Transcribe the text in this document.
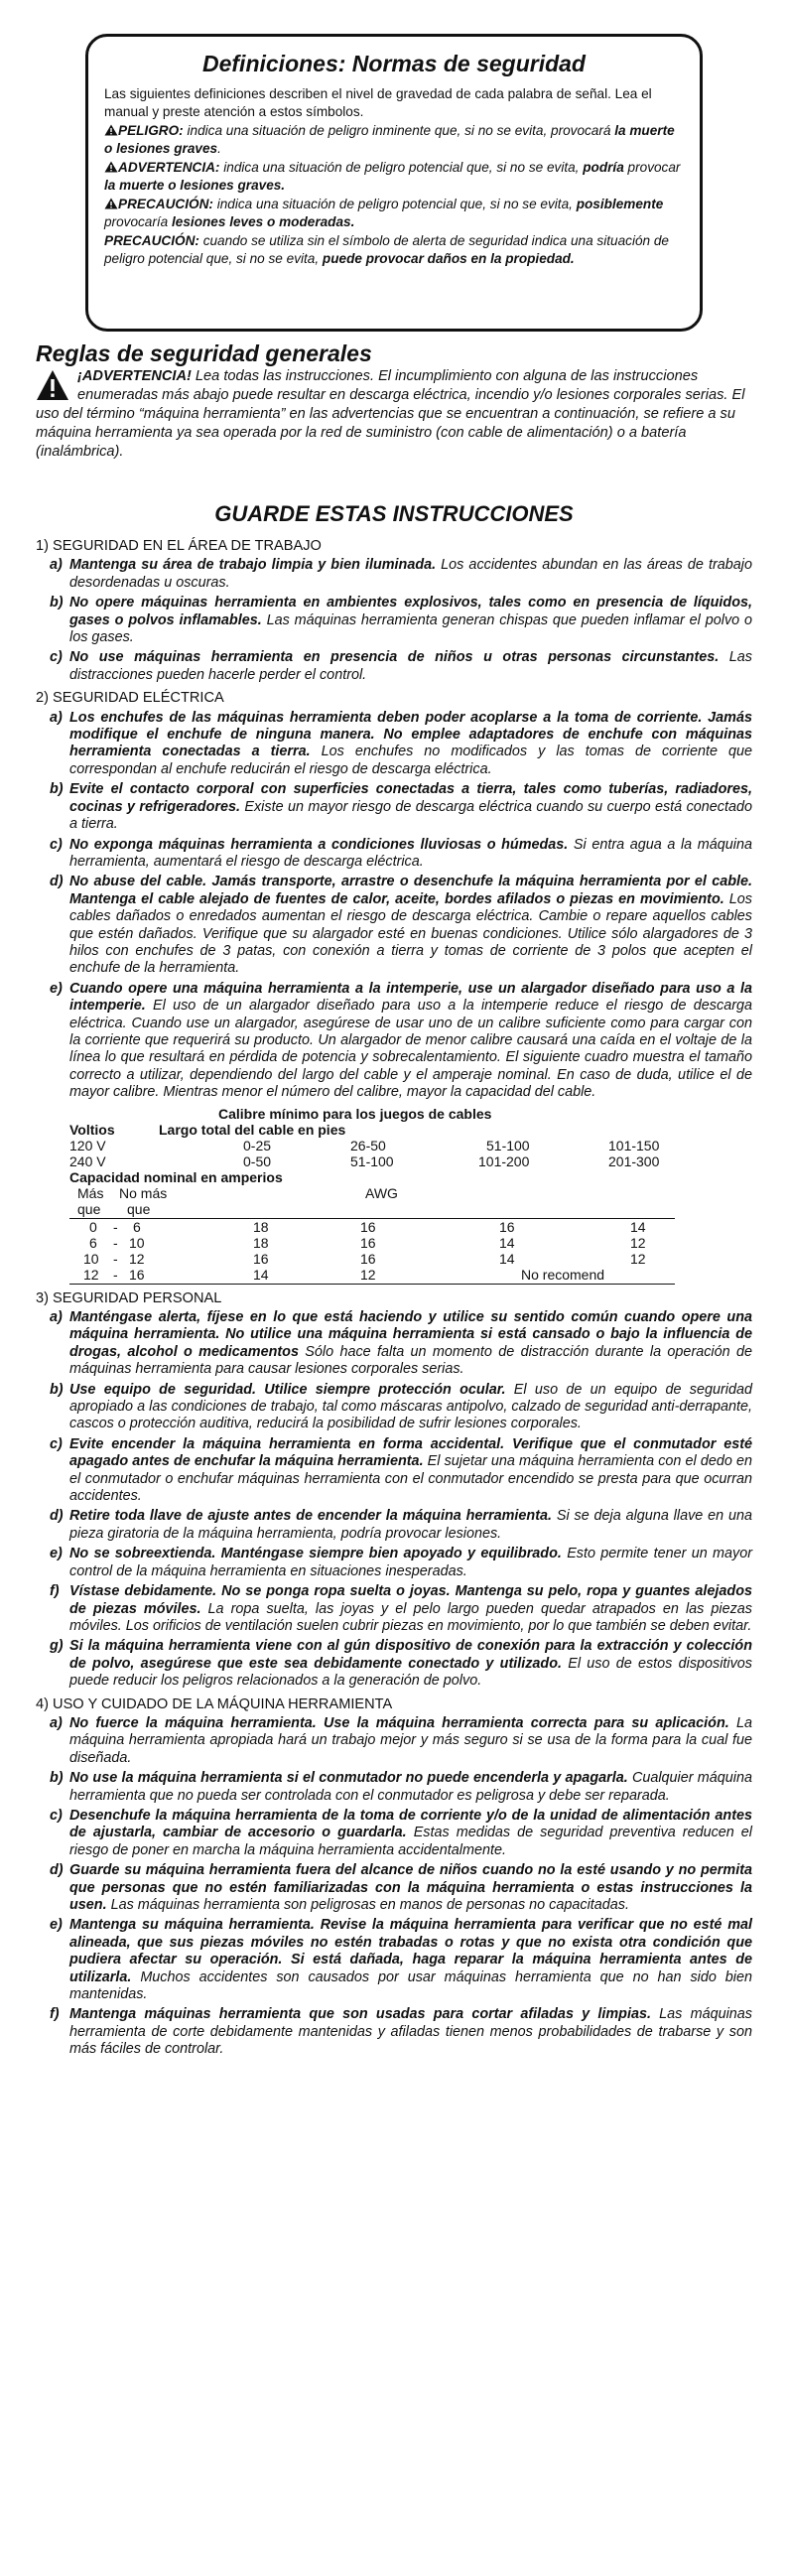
Definiciones: Normas de seguridad

Las siguientes definiciones describen el nivel de gravedad de cada palabra de señal. Lea el manual y preste atención a estos símbolos.

PELIGRO: indica una situación de peligro inminente que, si no se evita, provocará la muerte o lesiones graves.

ADVERTENCIA: indica una situación de peligro potencial que, si no se evita, podría provocar la muerte o lesiones graves.

PRECAUCIÓN: indica una situación de peligro potencial que, si no se evita, posiblemente provocaría lesiones leves o moderadas.

PRECAUCIÓN: cuando se utiliza sin el símbolo de alerta de seguridad indica una situación de peligro potencial que, si no se evita, puede provocar daños en la propiedad.

Reglas de seguridad generales
¡ADVERTENCIA! Lea todas las instrucciones. El incumplimiento con alguna de las instrucciones enumeradas más abajo puede resultar en descarga eléctrica, incendio y/o lesiones corporales serias. El uso del término “máquina herramienta” en las advertencias que se encuentran a continuación, se refiere a su máquina herramienta ya sea operada por la red de suministro (con cable de alimentación) o a batería (inalámbrica).
GUARDE ESTAS INSTRUCCIONES
1) SEGURIDAD EN EL ÁREA DE TRABAJO
a) Mantenga su área de trabajo limpia y bien iluminada. Los accidentes abundan en las áreas de trabajo desordenadas u oscuras.
b) No opere máquinas herramienta en ambientes explosivos, tales como en presencia de líquidos, gases o polvos inflamables. Las máquinas herramienta generan chispas que pueden inflamar el polvo o los gases.
c) No use máquinas herramienta en presencia de niños u otras personas circunstantes. Las distracciones pueden hacerle perder el control.
2) SEGURIDAD ELÉCTRICA
a) Los enchufes de las máquinas herramienta deben poder acoplarse a la toma de corriente. Jamás modifique el enchufe de ninguna manera. No emplee adaptadores de enchufe con máquinas herramienta conectadas a tierra. Los enchufes no modificados y las tomas de corriente que correspondan al enchufe reducirán el riesgo de descarga eléctrica.
b) Evite el contacto corporal con superficies conectadas a tierra, tales como tuberías, radiadores, cocinas y refrigeradores. Existe un mayor riesgo de descarga eléctrica cuando su cuerpo está conectado a tierra.
c) No exponga máquinas herramienta a condiciones lluviosas o húmedas. Si entra agua a la máquina herramienta, aumentará el riesgo de descarga eléctrica.
d) No abuse del cable. Jamás transporte, arrastre o desenchufe la máquina herramienta por el cable. Mantenga el cable alejado de fuentes de calor, aceite, bordes afilados o piezas en movimiento. Los cables dañados o enredados aumentan el riesgo de descarga eléctrica. Cambie o repare aquellos cables que estén dañados. Verifique que su alargador esté en buenas condiciones. Utilice sólo alargadores de 3 hilos con enchufes de 3 patas, con conexión a tierra y tomas de corriente de 3 polos que acepten el enchufe de la herramienta.
e) Cuando opere una máquina herramienta a la intemperie, use un alargador diseñado para uso a la intemperie. El uso de un alargador diseñado para uso a la intemperie reduce el riesgo de descarga eléctrica. Cuando use un alargador, asegúrese de usar uno de un calibre suficiente como para cargar con la corriente que requerirá su producto. Un alargador de menor calibre causará una caída en el voltaje de la línea lo que resultará en pérdida de potencia y sobrecalentamiento. El siguiente cuadro muestra el tamaño correcto a utilizar, dependiendo del largo del cable y el amperaje nominal. En caso de duda, utilice el de mayor calibre. Mientras menor el número del calibre, mayor la capacidad del cable.
Calibre mínimo para los juegos de cables
Voltios	Largo total del cable en pies
120 V	0-25	26-50	51-100	101-150
240 V	0-50	51-100	101-200	201-300
Capacidad nominal en amperios
Más No más	AWG
que que
0 - 6	18	16	16	14
6 - 10	18	16	14	12
10 - 12	16	16	14	12
12 - 16	14	12	No recomend
3) SEGURIDAD PERSONAL
a) Manténgase alerta, fíjese en lo que está haciendo y utilice su sentido común cuando opere una máquina herramienta. No utilice una máquina herramienta si está cansado o bajo la influencia de drogas, alcohol o medicamentos Sólo hace falta un momento de distracción durante la operación de máquinas herramienta para causar lesiones corporales serias.
b) Use equipo de seguridad. Utilice siempre protección ocular. El uso de un equipo de seguridad apropiado a las condiciones de trabajo, tal como máscaras antipolvo, calzado de seguridad anti-derrapante, cascos o protección auditiva, reducirá la posibilidad de sufrir lesiones corporales.
c) Evite encender la máquina herramienta en forma accidental. Verifique que el conmutador esté apagado antes de enchufar la máquina herramienta. El sujetar una máquina herramienta con el dedo en el conmutador o enchufar máquinas herramienta con el conmutador encendido se presta para que ocurran accidentes.
d) Retire toda llave de ajuste antes de encender la máquina herramienta. Si se deja alguna llave en una pieza giratoria de la máquina herramienta, podría provocar lesiones.
e) No se sobreextienda. Manténgase siempre bien apoyado y equilibrado. Esto permite tener un mayor control de la máquina herramienta en situaciones inesperadas.
f) Vístase debidamente. No se ponga ropa suelta o joyas. Mantenga su pelo, ropa y guantes alejados de piezas móviles. La ropa suelta, las joyas y el pelo largo pueden quedar atrapados en las piezas móviles. Los orificios de ventilación suelen cubrir piezas en movimiento, por lo que también se deben evitar.
g) Si la máquina herramienta viene con al gún dispositivo de conexión para la extracción y colección de polvo, asegúrese que este sea debidamente conectado y utilizado. El uso de estos dispositivos puede reducir los peligros relacionados a la generación de polvo.
4) USO Y CUIDADO DE LA MÁQUINA HERRAMIENTA
a) No fuerce la máquina herramienta. Use la máquina herramienta correcta para su aplicación. La máquina herramienta apropiada hará un trabajo mejor y más seguro si se usa de la forma para la cual fue diseñada.
b) No use la máquina herramienta si el conmutador no puede encenderla y apagarla. Cualquier máquina herramienta que no pueda ser controlada con el conmutador es peligrosa y debe ser reparada.
c) Desenchufe la máquina herramienta de la toma de corriente y/o de la unidad de alimentación antes de ajustarla, cambiar de accesorio o guardarla. Estas medidas de seguridad preventiva reducen el riesgo de poner en marcha la máquina herramienta accidentalmente.
d) Guarde su máquina herramienta fuera del alcance de niños cuando no la esté usando y no permita que personas que no estén familiarizadas con la máquina herramienta o estas instrucciones la usen. Las máquinas herramienta son peligrosas en manos de personas no capacitadas.
e) Mantenga su máquina herramienta. Revise la máquina herramienta para verificar que no esté mal alineada, que sus piezas móviles no estén trabadas o rotas y que no exista otra condición que pudiera afectar su operación. Si está dañada, haga reparar la máquina herramienta antes de utilizarla. Muchos accidentes son causados por usar máquinas herramienta que no han sido bien mantenidas.
f) Mantenga máquinas herramienta que son usadas para cortar afiladas y limpias. Las máquinas herramienta de corte debidamente mantenidas y afiladas tienen menos probabilidades de trabarse y son más fáciles de controlar.
